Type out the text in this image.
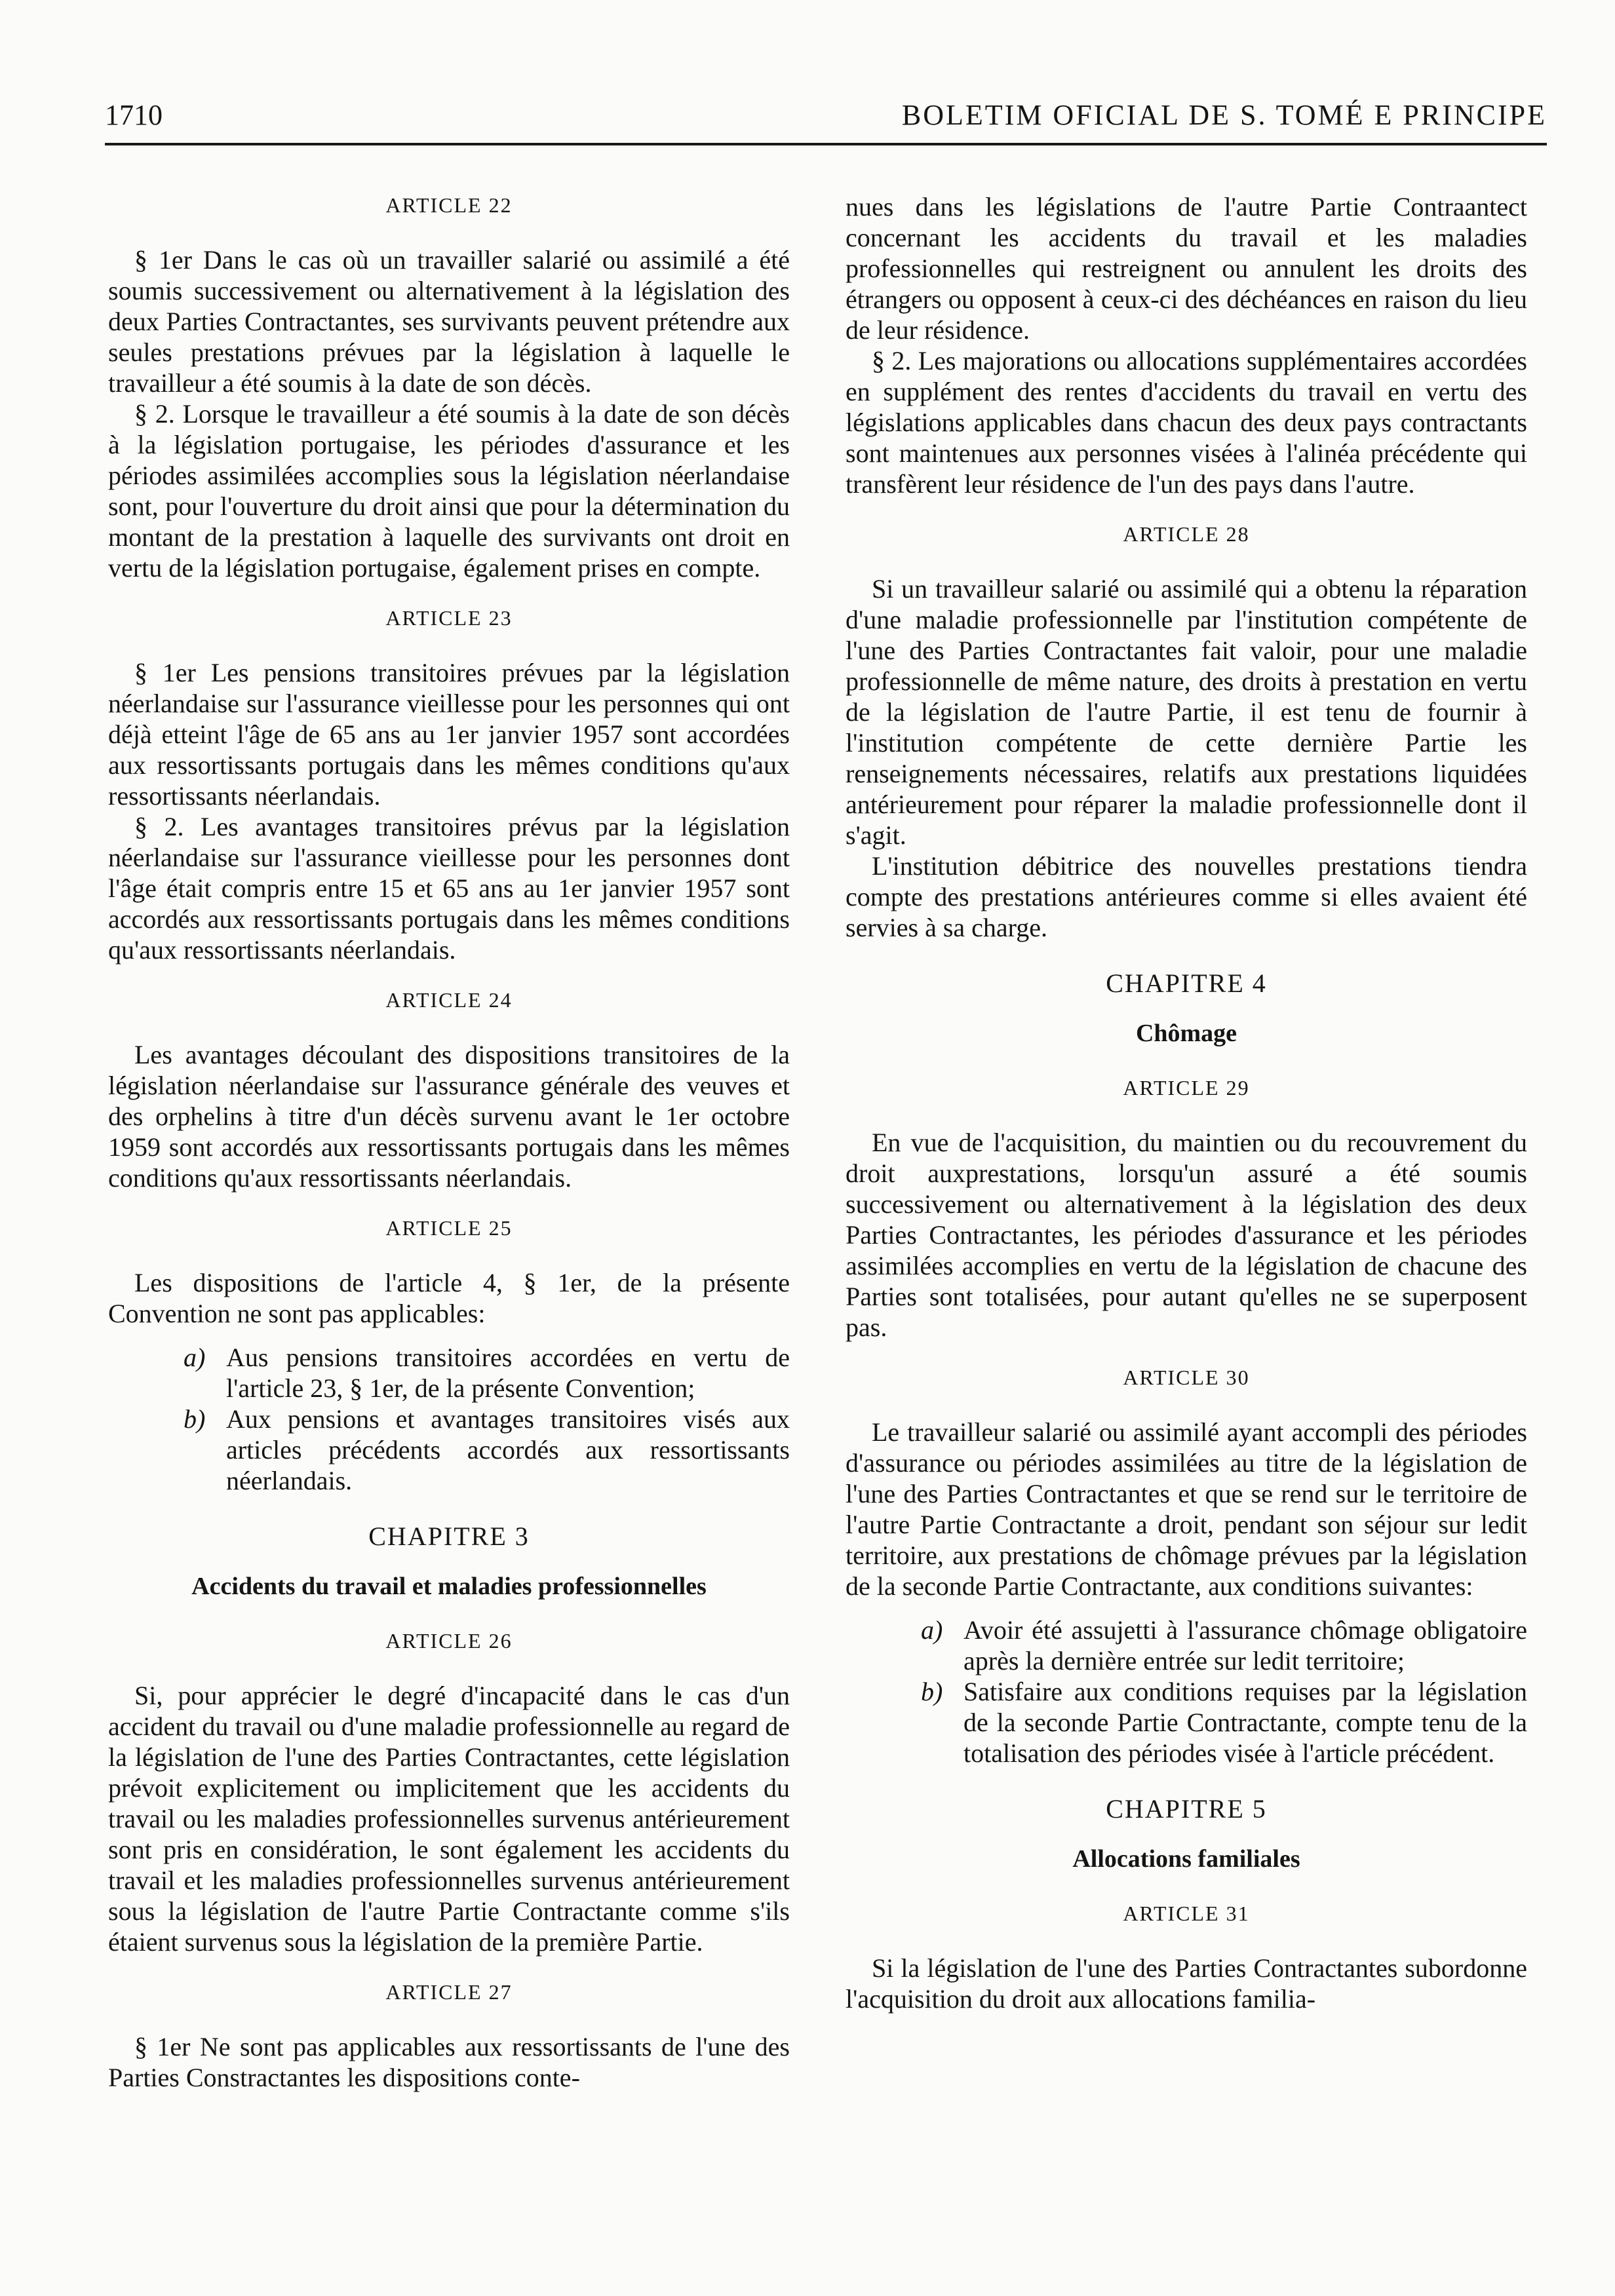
1710	BOLETIM OFICIAL DE S. TOMÉ E PRINCIPE
ARTICLE 22

§ 1er Dans le cas où un travailler salarié ou assimilé a été soumis successivement ou alternativement à la législation des deux Parties Contractantes, ses survivants peuvent prétendre aux seules prestations prévues par la législation à laquelle le travailleur a été soumis à la date de son décès.

§ 2. Lorsque le travailleur a été soumis à la date de son décès à la législation portugaise, les périodes d'assurance et les périodes assimilées accomplies sous la législation néerlandaise sont, pour l'ouverture du droit ainsi que pour la détermination du montant de la prestation à laquelle des survivants ont droit en vertu de la législation portugaise, également prises en compte.

ARTICLE 23

§ 1er Les pensions transitoires prévues par la législation néerlandaise sur l'assurance vieillesse pour les personnes qui ont déjà etteint l'âge de 65 ans au 1er janvier 1957 sont accordées aux ressortissants portugais dans les mêmes conditions qu'aux ressortissants néerlandais.

§ 2. Les avantages transitoires prévus par la législation néerlandaise sur l'assurance vieillesse pour les personnes dont l'âge était compris entre 15 et 65 ans au 1er janvier 1957 sont accordés aux ressortissants portugais dans les mêmes conditions qu'aux ressortissants néerlandais.

ARTICLE 24

Les avantages découlant des dispositions transitoires de la législation néerlandaise sur l'assurance générale des veuves et des orphelins à titre d'un décès survenu avant le 1er octobre 1959 sont accordés aux ressortissants portugais dans les mêmes conditions qu'aux ressortissants néerlandais.

ARTICLE 25

Les dispositions de l'article 4, § 1er, de la présente Convention ne sont pas applicables:

a) Aus pensions transitoires accordées en vertu de l'article 23, § 1er, de la présente Convention;

b) Aux pensions et avantages transitoires visés aux articles précédents accordés aux ressortissants néerlandais.

CHAPITRE 3
Accidents du travail et maladies professionnelles
ARTICLE 26

Si, pour apprécier le degré d'incapacité dans le cas d'un accident du travail ou d'une maladie professionnelle au regard de la législation de l'une des Parties Contractantes, cette législation prévoit explicitement ou implicitement que les accidents du travail ou les maladies professionnelles survenus antérieurement sont pris en considération, le sont également les accidents du travail et les maladies professionnelles survenus antérieurement sous la législation de l'autre Partie Contractante comme s'ils étaient survenus sous la législation de la première Partie.

ARTICLE 27

§ 1er Ne sont pas applicables aux ressortissants de l'une des Parties Constractantes les dispositions conte-

nues dans les législations de l'autre Partie Contraantect concernant les accidents du travail et les maladies professionnelles qui restreignent ou annulent les droits des étrangers ou opposent à ceux-ci des déchéances en raison du lieu de leur résidence.

§ 2. Les majorations ou allocations supplémentaires accordées en supplément des rentes d'accidents du travail en vertu des législations applicables dans chacun des deux pays contractants sont maintenues aux personnes visées à l'alinéa précédente qui transfèrent leur résidence de l'un des pays dans l'autre.

ARTICLE 28

Si un travailleur salarié ou assimilé qui a obtenu la réparation d'une maladie professionnelle par l'institution compétente de l'une des Parties Contractantes fait valoir, pour une maladie professionnelle de même nature, des droits à prestation en vertu de la législation de l'autre Partie, il est tenu de fournir à l'institution compétente de cette dernière Partie les renseignements nécessaires, relatifs aux prestations liquidées antérieurement pour réparer la maladie professionnelle dont il s'agit.

L'institution débitrice des nouvelles prestations tiendra compte des prestations antérieures comme si elles avaient été servies à sa charge.

CHAPITRE 4
Chômage
ARTICLE 29

En vue de l'acquisition, du maintien ou du recouvrement du droit auxprestations, lorsqu'un assuré a été soumis successivement ou alternativement à la législation des deux Parties Contractantes, les périodes d'assurance et les périodes assimilées accomplies en vertu de la législation de chacune des Parties sont totalisées, pour autant qu'elles ne se superposent pas.

ARTICLE 30

Le travailleur salarié ou assimilé ayant accompli des périodes d'assurance ou périodes assimilées au titre de la législation de l'une des Parties Contractantes et que se rend sur le territoire de l'autre Partie Contractante a droit, pendant son séjour sur ledit territoire, aux prestations de chômage prévues par la législation de la seconde Partie Contractante, aux conditions suivantes:

a) Avoir été assujetti à l'assurance chômage obligatoire après la dernière entrée sur ledit territoire;

b) Satisfaire aux conditions requises par la législation de la seconde Partie Contractante, compte tenu de la totalisation des périodes visée à l'article précédent.

CHAPITRE 5
Allocations familiales
ARTICLE 31

Si la législation de l'une des Parties Contractantes subordonne l'acquisition du droit aux allocations familia-
